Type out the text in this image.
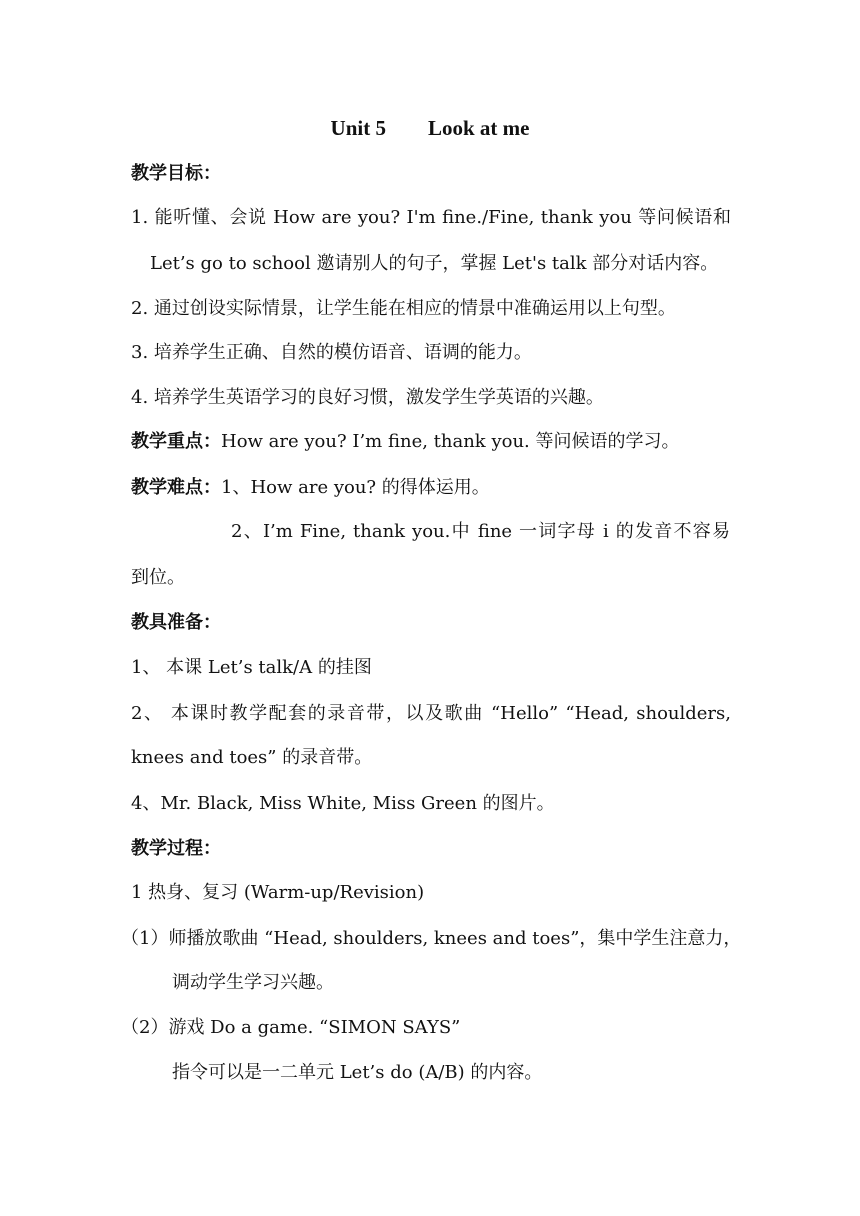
Unit 5        Look at me
教学目标：
1. 能听懂、会说 How are you? I'm fine./Fine, thank you 等问候语和
Let’s go to school 邀请别人的句子，掌握 Let's talk 部分对话内容。
2. 通过创设实际情景，让学生能在相应的情景中准确运用以上句型。
3. 培养学生正确、自然的模仿语音、语调的能力。
4. 培养学生英语学习的良好习惯，激发学生学英语的兴趣。
教学重点：How are you? I’m fine, thank you. 等问候语的学习。
教学难点：1、How are you? 的得体运用。
2、I’m Fine, thank you.中 fine 一词字母 i 的发音不容易
到位。
教具准备：
1、 本课 Let’s talk/A 的挂图
2、 本课时教学配套的录音带，以及歌曲 “Hello” “Head, shoulders,
knees and toes” 的录音带。
4、Mr. Black, Miss White, Miss Green 的图片。
教学过程：
1 热身、复习 (Warm-up/Revision)
（1）师播放歌曲 “Head, shoulders, knees and toes”，集中学生注意力，
调动学生学习兴趣。
（2）游戏 Do a game. “SIMON SAYS”
指令可以是一二单元 Let’s do (A/B) 的内容。
